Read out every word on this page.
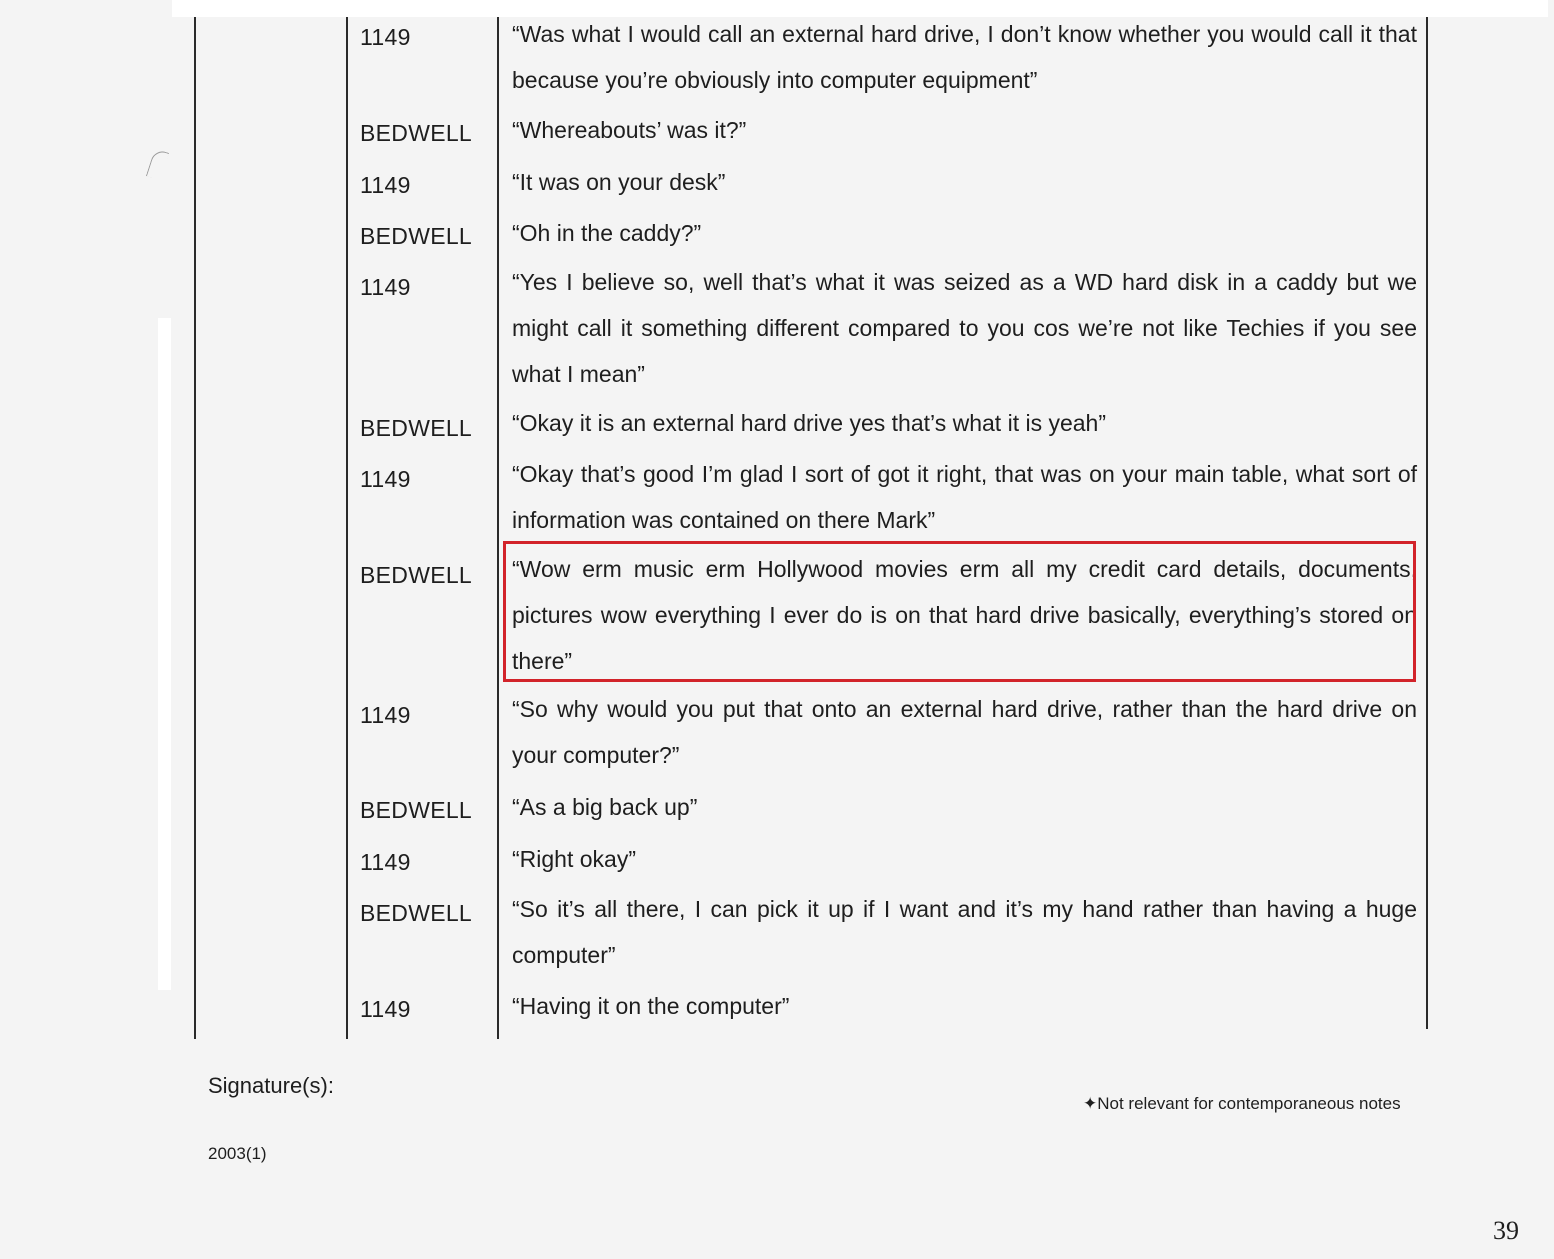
1149	“Was what I would call an external hard drive, I don’t know whether you would call it that because you’re obviously into computer equipment”
BEDWELL “Whereabouts’ was it?”
1149	“It was on your desk”
BEDWELL “Oh in the caddy?”
1149	“Yes I believe so, well that’s what it was seized as a WD hard disk in a caddy but we might call it something different compared to you cos we’re not like Techies if you see what I mean”
BEDWELL “Okay it is an external hard drive yes that’s what it is yeah”
1149	“Okay that’s good I’m glad I sort of got it right, that was on your main table, what sort of information was contained on there Mark”
BEDWELL “Wow erm music erm Hollywood movies erm all my credit card details, documents, pictures wow everything I ever do is on that hard drive basically, everything’s stored on there”
1149	“So why would you put that onto an external hard drive, rather than the hard drive on your computer?”
BEDWELL “As a big back up”
1149	“Right okay”
BEDWELL “So it’s all there, I can pick it up if I want and it’s my hand rather than having a huge computer”
1149	“Having it on the computer”
Signature(s):
✦Not relevant for contemporaneous notes
2003(1)
39
